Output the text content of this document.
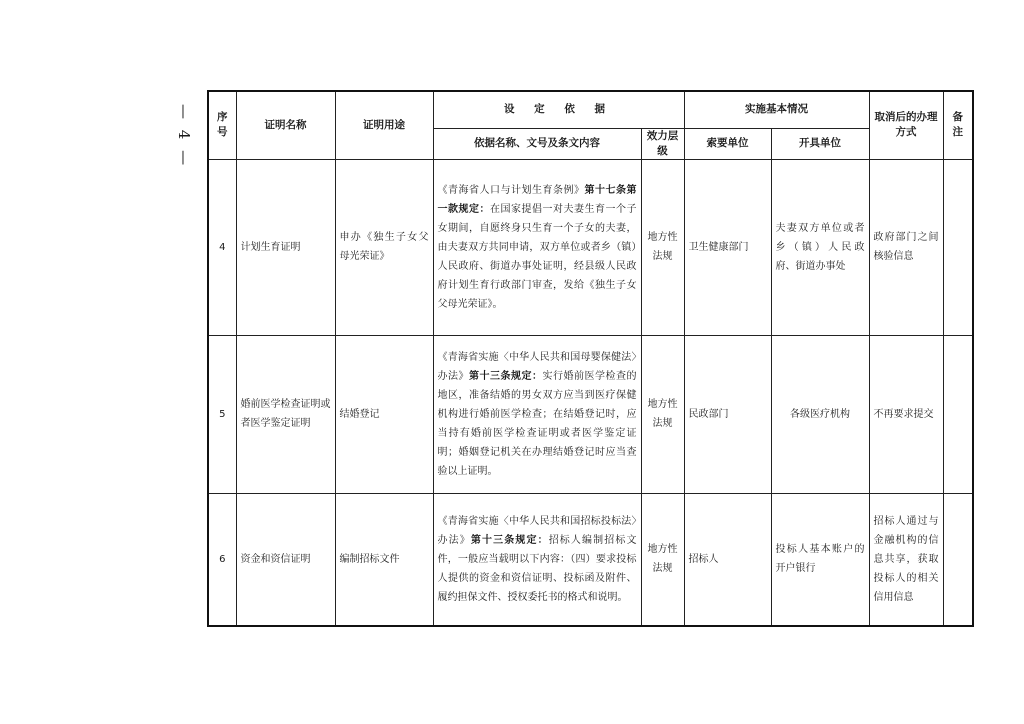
— 4 — 序号	证明名称	证明用途	设 定 依 据		实施基本情况		取消后的办理方式	备注
			依据名称、文号及条文内容	效力层级	索要单位	开具单位		
4	计划生育证明	申办《独生子女父母光荣证》	《青海省人口与计划生育条例》第十七条第一款规定：在国家提倡一对夫妻生育一个子女期间，自愿终身只生育一个子女的夫妻，由夫妻双方共同申请，双方单位或者乡（镇）人民政府、街道办事处证明，经县级人民政府计划生育行政部门审查，发给《独生子女父母光荣证》。	地方性法规	卫生健康部门	夫妻双方单位或者乡（镇）人民政府、街道办事处	政府部门之间核验信息	
5	婚前医学检查证明或者医学鉴定证明	结婚登记	《青海省实施〈中华人民共和国母婴保健法〉办法》第十三条规定：实行婚前医学检查的地区，准备结婚的男女双方应当到医疗保健机构进行婚前医学检查；在结婚登记时，应当持有婚前医学检查证明或者医学鉴定证明；婚姻登记机关在办理结婚登记时应当查验以上证明。	地方性法规	民政部门	各级医疗机构	不再要求提交	
6	资金和资信证明	编制招标文件	《青海省实施〈中华人民共和国招标投标法〉办法》第十三条规定：招标人编制招标文件，一般应当载明以下内容：（四）要求投标人提供的资金和资信证明、投标函及附件、履约担保文件、授权委托书的格式和说明。	地方性法规	招标人	投标人基本账户的开户银行	招标人通过与金融机构的信息共享，获取投标人的相关信用信息	
